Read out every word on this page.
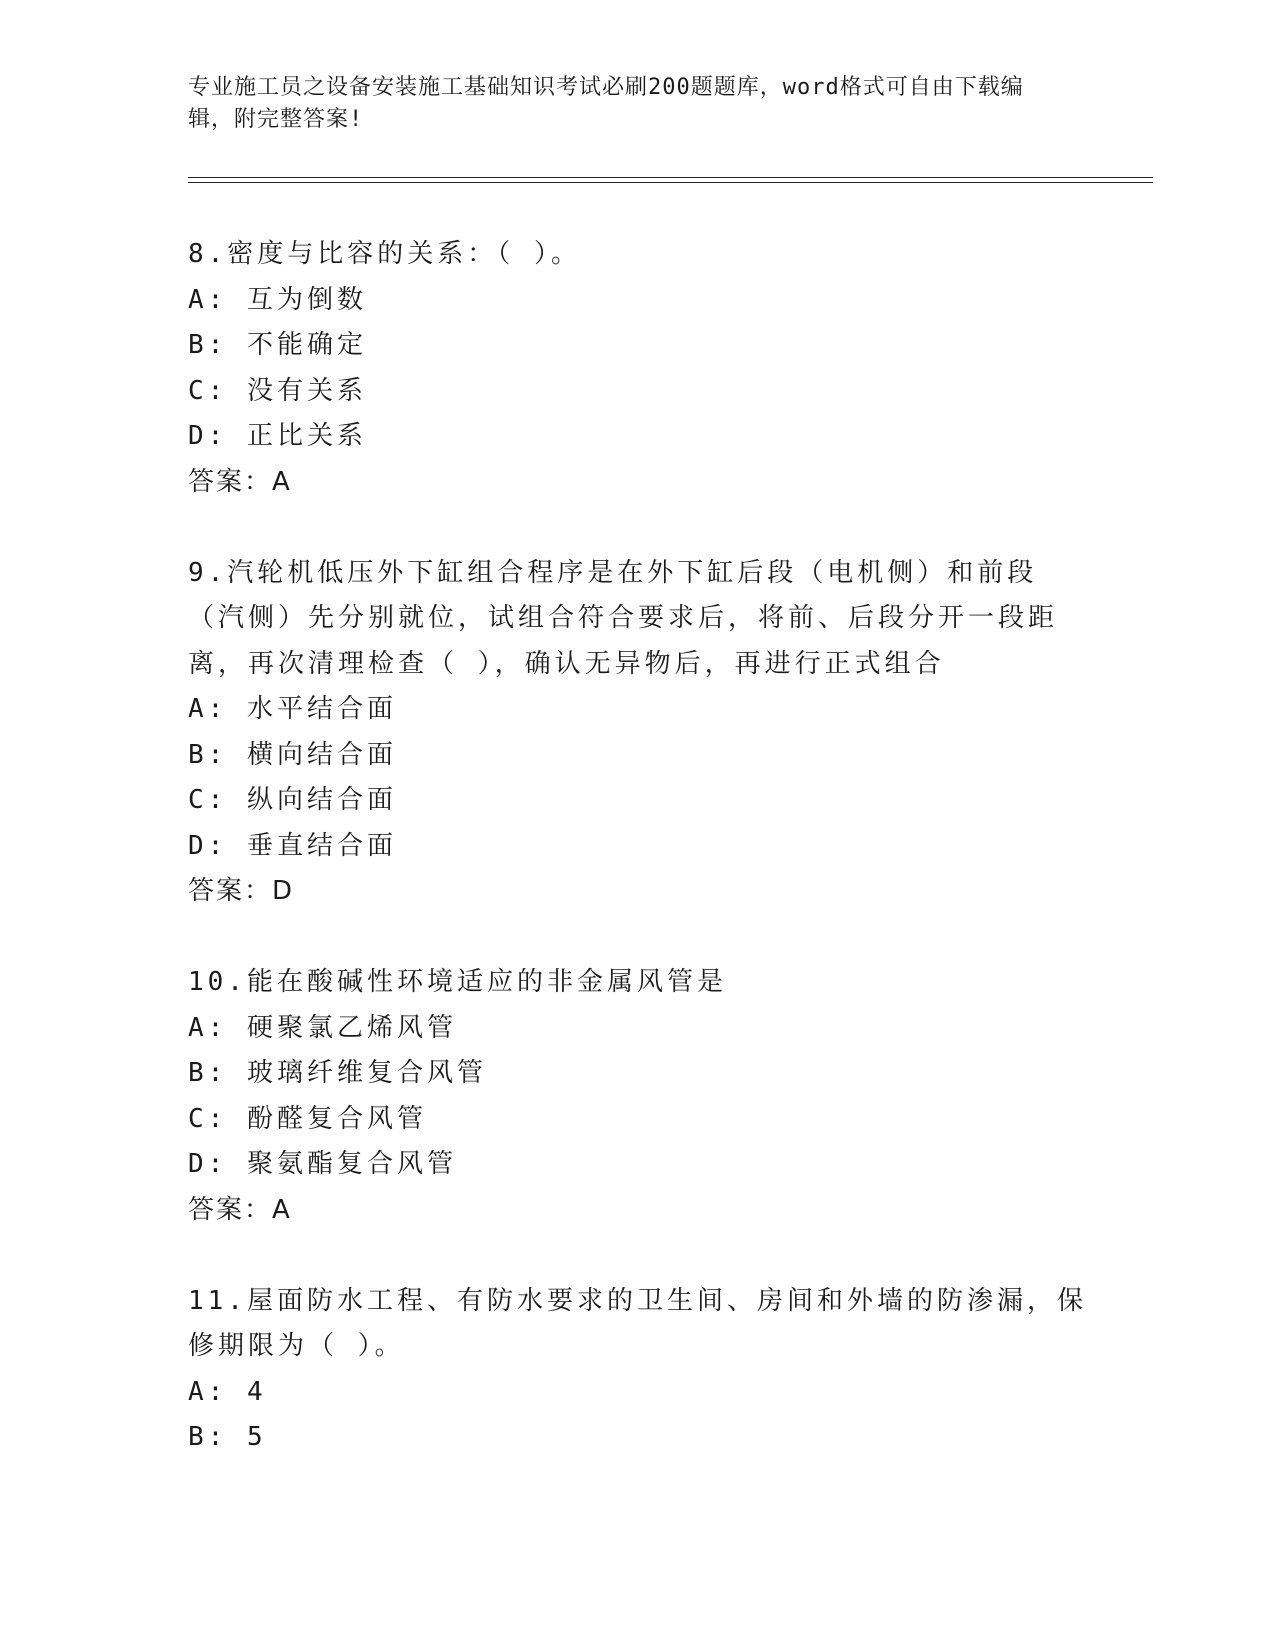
专业施工员之设备安装施工基础知识考试必刷200题题库，word格式可自由下载编辑，附完整答案!

8.密度与比容的关系：（ ）。

A: 互为倒数

B: 不能确定

C: 没有关系

D: 正比关系

答案：A

9.汽轮机低压外下缸组合程序是在外下缸后段（电机侧）和前段（汽侧）先分别就位，试组合符合要求后，将前、后段分开一段距离，再次清理检查（ ），确认无异物后，再进行正式组合

A: 水平结合面

B: 横向结合面

C: 纵向结合面

D: 垂直结合面

答案：D

10.能在酸碱性环境适应的非金属风管是

A: 硬聚氯乙烯风管

B: 玻璃纤维复合风管

C: 酚醛复合风管

D: 聚氨酯复合风管

答案：A

11.屋面防水工程、有防水要求的卫生间、房间和外墙的防渗漏，保修期限为（ ）。

A: 4

B: 5
